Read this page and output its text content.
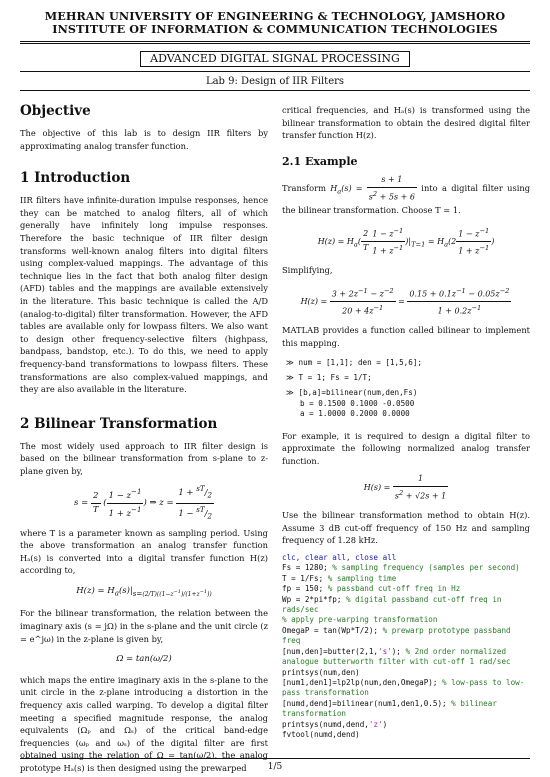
MEHRAN UNIVERSITY OF ENGINEERING & TECHNOLOGY, JAMSHORO
INSTITUTE OF INFORMATION & COMMUNICATION TECHNOLOGIES
ADVANCED DIGITAL SIGNAL PROCESSING
Lab 9: Design of IIR Filters
Objective
The objective of this lab is to design IIR filters by approximating analog transfer function.
1 Introduction
IIR filters have infinite-duration impulse responses, hence they can be matched to analog filters, all of which generally have infinitely long impulse responses. Therefore the basic technique of IIR filter design transforms well-known analog filters into digital filters using complex-valued mappings. The advantage of this technique lies in the fact that both analog filter design (AFD) tables and the mappings are available extensively in the literature. This basic technique is called the A/D (analog-to-digital) filter transformation. However, the AFD tables are available only for lowpass filters. We also want to design other frequency-selective filters (highpass, bandpass, bandstop, etc.). To do this, we need to apply frequency-band transformations to lowpass filters. These transformations are also complex-valued mappings, and they are also available in the literature.
2 Bilinear Transformation
The most widely used approach to IIR filter design is based on the bilinear transformation from s-plane to z-plane given by,
$s = \frac{2}{T}$ ( $\frac{1 - z^{-1}}{1 + z^{-1}}$ ) ⇒ $z = \frac{1 + ^{sT}/_2}{1 - ^{sT}/_2}$
where T is a parameter known as sampling period. Using the above transformation an analog transfer function Hₐ(s) is converted into a digital transfer function H(z) according to,
$H(z) = H_a(s)|_{s=(2/T)((1-z^{-1})/(1+z^{-1}))}$
For the bilinear transformation, the relation between the imaginary axis (s = jΩ) in the s-plane and the unit circle (z = e^jω) in the z-plane is given by,
Ω = tan(ω/2)
which maps the entire imaginary axis in the s-plane to the unit circle in the z-plane introducing a distortion in the frequency axis called warping. To develop a digital filter meeting a specified magnitude response, the analog equivalents (Ωₚ and Ωₛ) of the critical band-edge frequencies (ωₚ and ωₛ) of the digital filter are first obtained using the relation of Ω = tan(ω/2), the analog prototype Hₐ(s) is then designed using the prewarped
critical frequencies, and Hₐ(s) is transformed using the bilinear transformation to obtain the desired digital filter transfer function H(z).
2.1 Example
Transform $H_a(s) = \frac{s + 1}{s^2 + 5s + 6}$ into a digital filter using the bilinear transformation. Choose T = 1.
$H(z) = H_a( \frac{2}{T} \frac{1 - z^{-1}}{1 + z^{-1}} )|_{T=1} = H_a(2 \frac{1 - z^{-1}}{1 + z^{-1}}$ )
Simplifying,
$H(z) = \frac{3 + 2z^{-1} - z^{-2}}{20 + 4z^{-1}} = \frac{0.15 + 0.1z^{-1} - 0.05z^{-2}}{1 + 0.2z^{-1}}$
MATLAB provides a function called bilinear to implement this mapping.
≫ num = [1,1]; den = [1,5,6];
≫ T = 1; Fs = 1/T;
≫ [b,a]=bilinear(num,den,Fs)
b = 0.1500 0.1000 -0.0500
a = 1.0000 0.2000 0.0000
For example, it is required to design a digital filter to approximate the following normalized analog transfer function.
$H(s) = \frac{1}{s^2 + √2s + 1}$
Use the bilinear transformation method to obtain H(z). Assume 3 dB cut-off frequency of 150 Hz and sampling frequency of 1.28 kHz.
clc, clear all, close all
Fs = 1280; % sampling frequency (samples per second)
T = 1/Fs; % sampling time
fp = 150; % passband cut-off freq in Hz
Wp = 2*pi*fp; % digital passband cut-off freq in rads/sec
% apply pre-warping transformation
OmegaP = tan(Wp*T/2); % prewarp prototype passband freq
[num,den]=butter(2,1,'s'); % 2nd order normalized analogue butterworth filter with cut-off 1 rad/sec
printsys(num,den)
[num1,den1]=lp2lp(num,den,OmegaP); % low-pass to low-pass transformation
[numd,dend]=bilinear(num1,den1,0.5); % bilinear transformation
printsys(numd,dend,'z')
fvtool(numd,dend)
1/5
